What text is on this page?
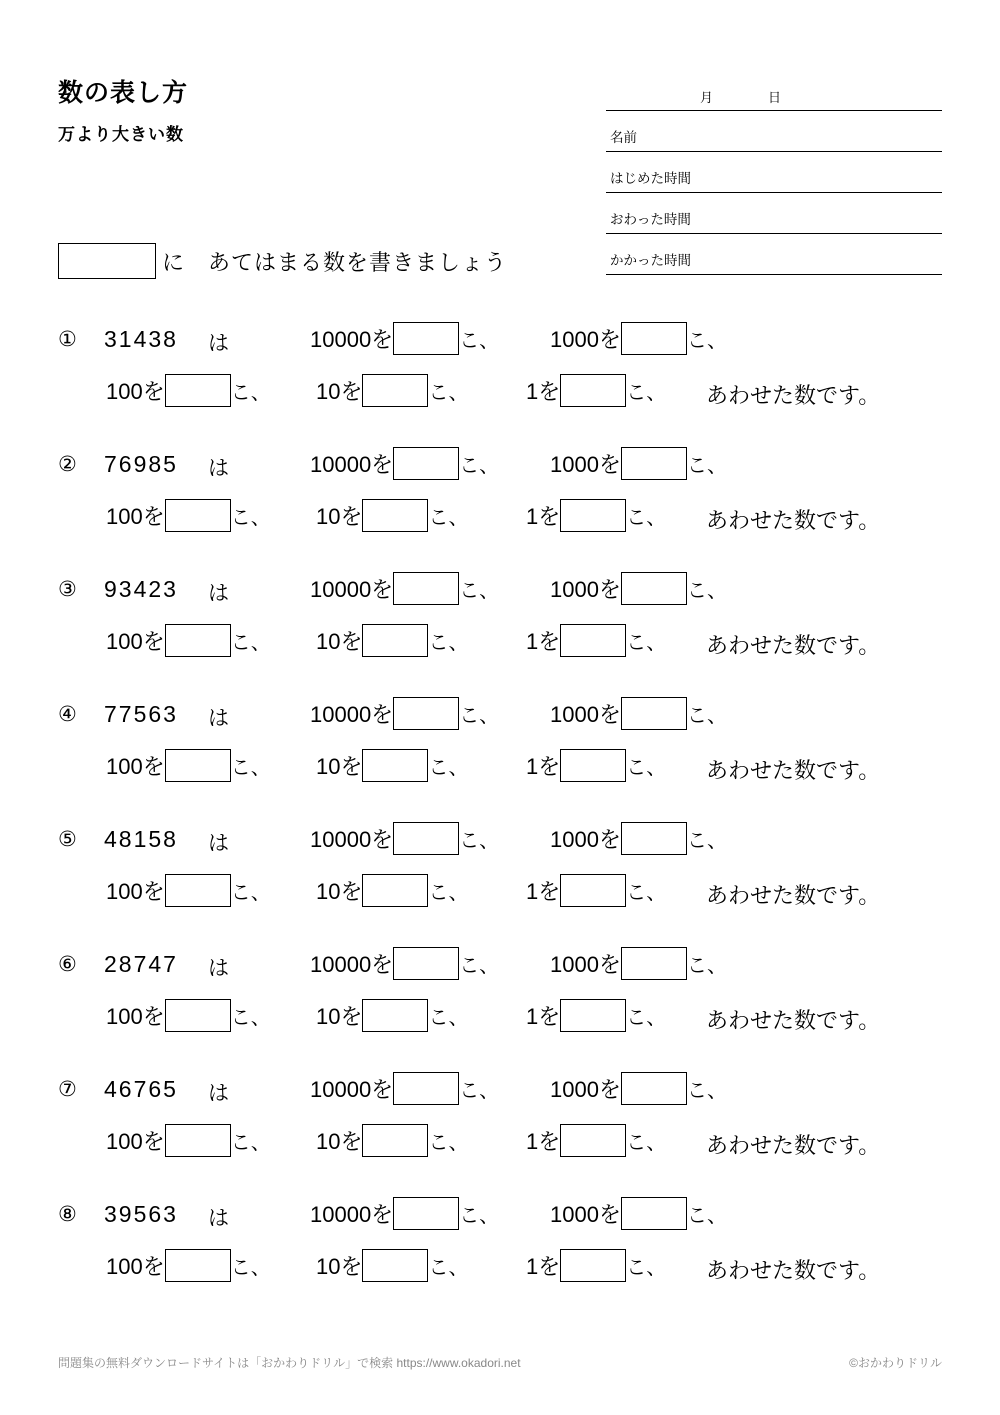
数の表し方
万より大きい数
月	日
名前
はじめた時間
おわった時間
かかった時間
に　あてはまる数を書きましょう
① 31438 は	10000を	こ、 1000を	こ、
100を	こ、 10を	こ、	1を	こ、 あわせた数です。
② 76985 は	10000を	こ、 1000を	こ、
100を	こ、 10を	こ、	1を	こ、 あわせた数です。
③ 93423 は	10000を	こ、 1000を	こ、
100を	こ、 10を	こ、	1を	こ、 あわせた数です。
④ 77563 は	10000を	こ、 1000を	こ、
100を	こ、 10を	こ、	1を	こ、 あわせた数です。
⑤ 48158 は	10000を	こ、 1000を	こ、
100を	こ、 10を	こ、	1を	こ、 あわせた数です。
⑥ 28747 は	10000を	こ、 1000を	こ、
100を	こ、 10を	こ、	1を	こ、 あわせた数です。
⑦ 46765 は	10000を	こ、 1000を	こ、
100を	こ、 10を	こ、	1を	こ、 あわせた数です。
⑧ 39563 は	10000を	こ、 1000を	こ、
100を	こ、 10を	こ、	1を	こ、 あわせた数です。
問題集の無料ダウンロードサイトは「おかわりドリル」で検索 https://www.okadori.net	©おかわりドリル
